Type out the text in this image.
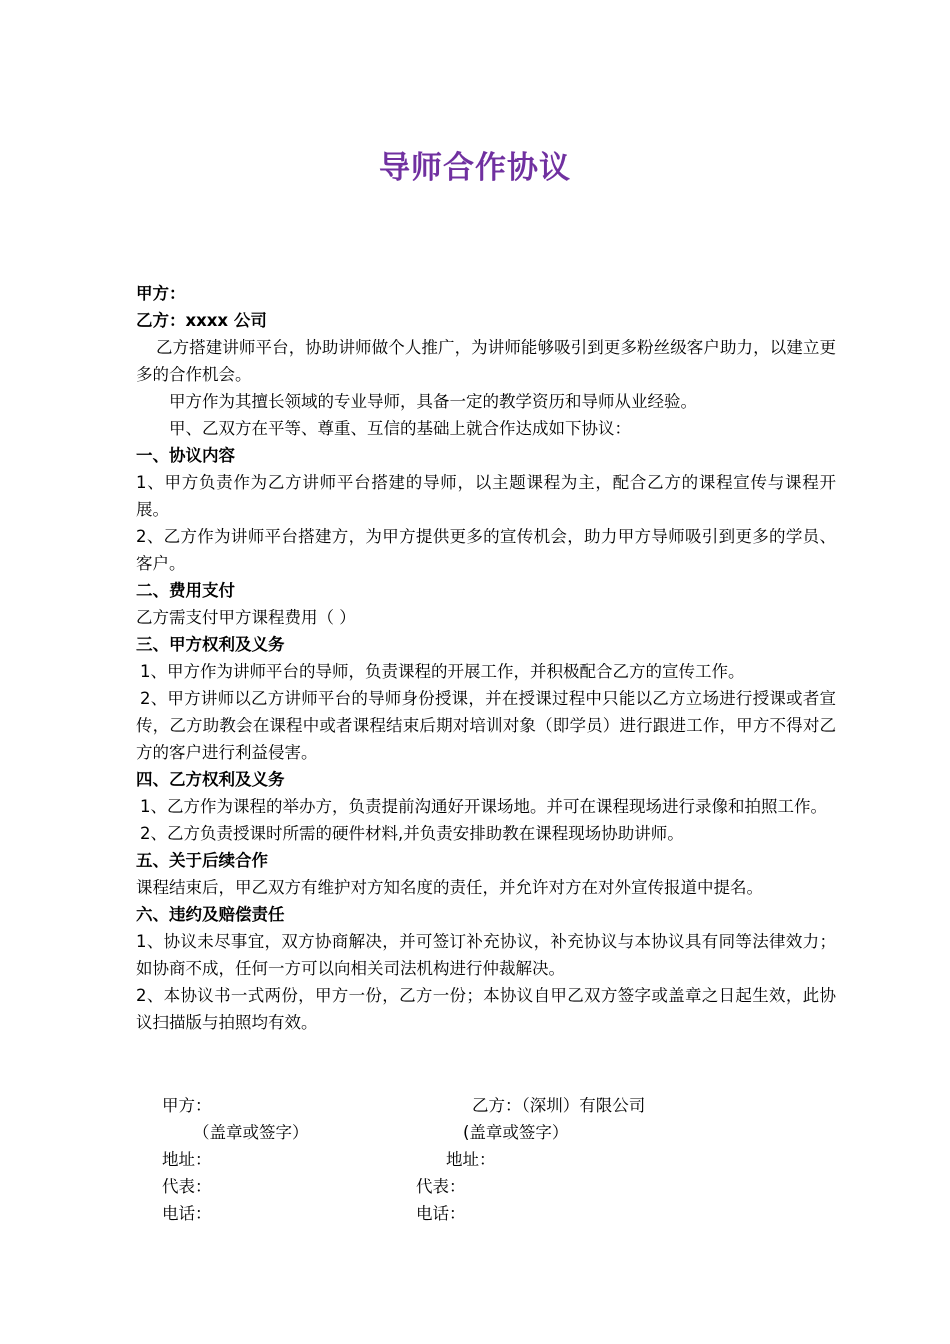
导师合作协议

甲方：

乙方：xxxx 公司

乙方搭建讲师平台，协助讲师做个人推广，为讲师能够吸引到更多粉丝级客户助力，以建立更多的合作机会。

甲方作为其擅长领域的专业导师，具备一定的教学资历和导师从业经验。

甲、乙双方在平等、尊重、互信的基础上就合作达成如下协议：

一、协议内容

1、甲方负责作为乙方讲师平台搭建的导师，以主题课程为主，配合乙方的课程宣传与课程开展。

2、乙方作为讲师平台搭建方，为甲方提供更多的宣传机会，助力甲方导师吸引到更多的学员、客户。

二、费用支付

乙方需支付甲方课程费用（ ）

三、甲方权利及义务

1、甲方作为讲师平台的导师，负责课程的开展工作，并积极配合乙方的宣传工作。

2、甲方讲师以乙方讲师平台的导师身份授课，并在授课过程中只能以乙方立场进行授课或者宣传，乙方助教会在课程中或者课程结束后期对培训对象（即学员）进行跟进工作，甲方不得对乙方的客户进行利益侵害。

四、乙方权利及义务

1、乙方作为课程的举办方，负责提前沟通好开课场地。并可在课程现场进行录像和拍照工作。

2、乙方负责授课时所需的硬件材料,并负责安排助教在课程现场协助讲师。

五、关于后续合作

课程结束后，甲乙双方有维护对方知名度的责任，并允许对方在对外宣传报道中提名。

六、违约及赔偿责任

1、协议未尽事宜，双方协商解决，并可签订补充协议，补充协议与本协议具有同等法律效力；如协商不成，任何一方可以向相关司法机构进行仲裁解决。

2、本协议书一式两份，甲方一份，乙方一份；本协议自甲乙双方签字或盖章之日起生效，此协议扫描版与拍照均有效。

甲方：	乙方：（深圳）有限公司
（盖章或签字）	(盖章或签字）
地址：	地址：
代表：	代表：
电话：	电话：
